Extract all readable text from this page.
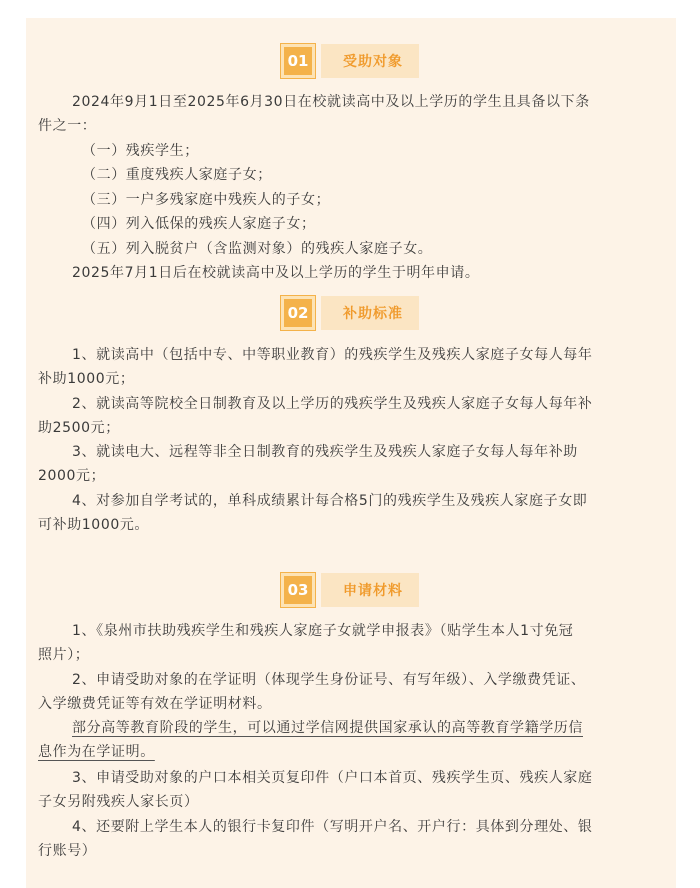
01	受助对象
2024年9月1日至2025年6月30日在校就读高中及以上学历的学生且具备以下条
件之一：
（一）残疾学生；
（二）重度残疾人家庭子女；
（三）一户多残家庭中残疾人的子女；
（四）列入低保的残疾人家庭子女；
（五）列入脱贫户（含监测对象）的残疾人家庭子女。
2025年7月1日后在校就读高中及以上学历的学生于明年申请。
02	补助标准
1、就读高中（包括中专、中等职业教育）的残疾学生及残疾人家庭子女每人每年
补助1000元；
2、就读高等院校全日制教育及以上学历的残疾学生及残疾人家庭子女每人每年补
助2500元；
3、就读电大、远程等非全日制教育的残疾学生及残疾人家庭子女每人每年补助
2000元；
4、对参加自学考试的，单科成绩累计每合格5门的残疾学生及残疾人家庭子女即
可补助1000元。
03	申请材料
1、《泉州市扶助残疾学生和残疾人家庭子女就学申报表》（贴学生本人1寸免冠
照片）；
2、申请受助对象的在学证明（体现学生身份证号、有写年级）、入学缴费凭证、
入学缴费凭证等有效在学证明材料。
部分高等教育阶段的学生，可以通过学信网提供国家承认的高等教育学籍学历信
息作为在学证明。
3、申请受助对象的户口本相关页复印件（户口本首页、残疾学生页、残疾人家庭
子女另附残疾人家长页）
4、还要附上学生本人的银行卡复印件（写明开户名、开户行：具体到分理处、银
行账号）
